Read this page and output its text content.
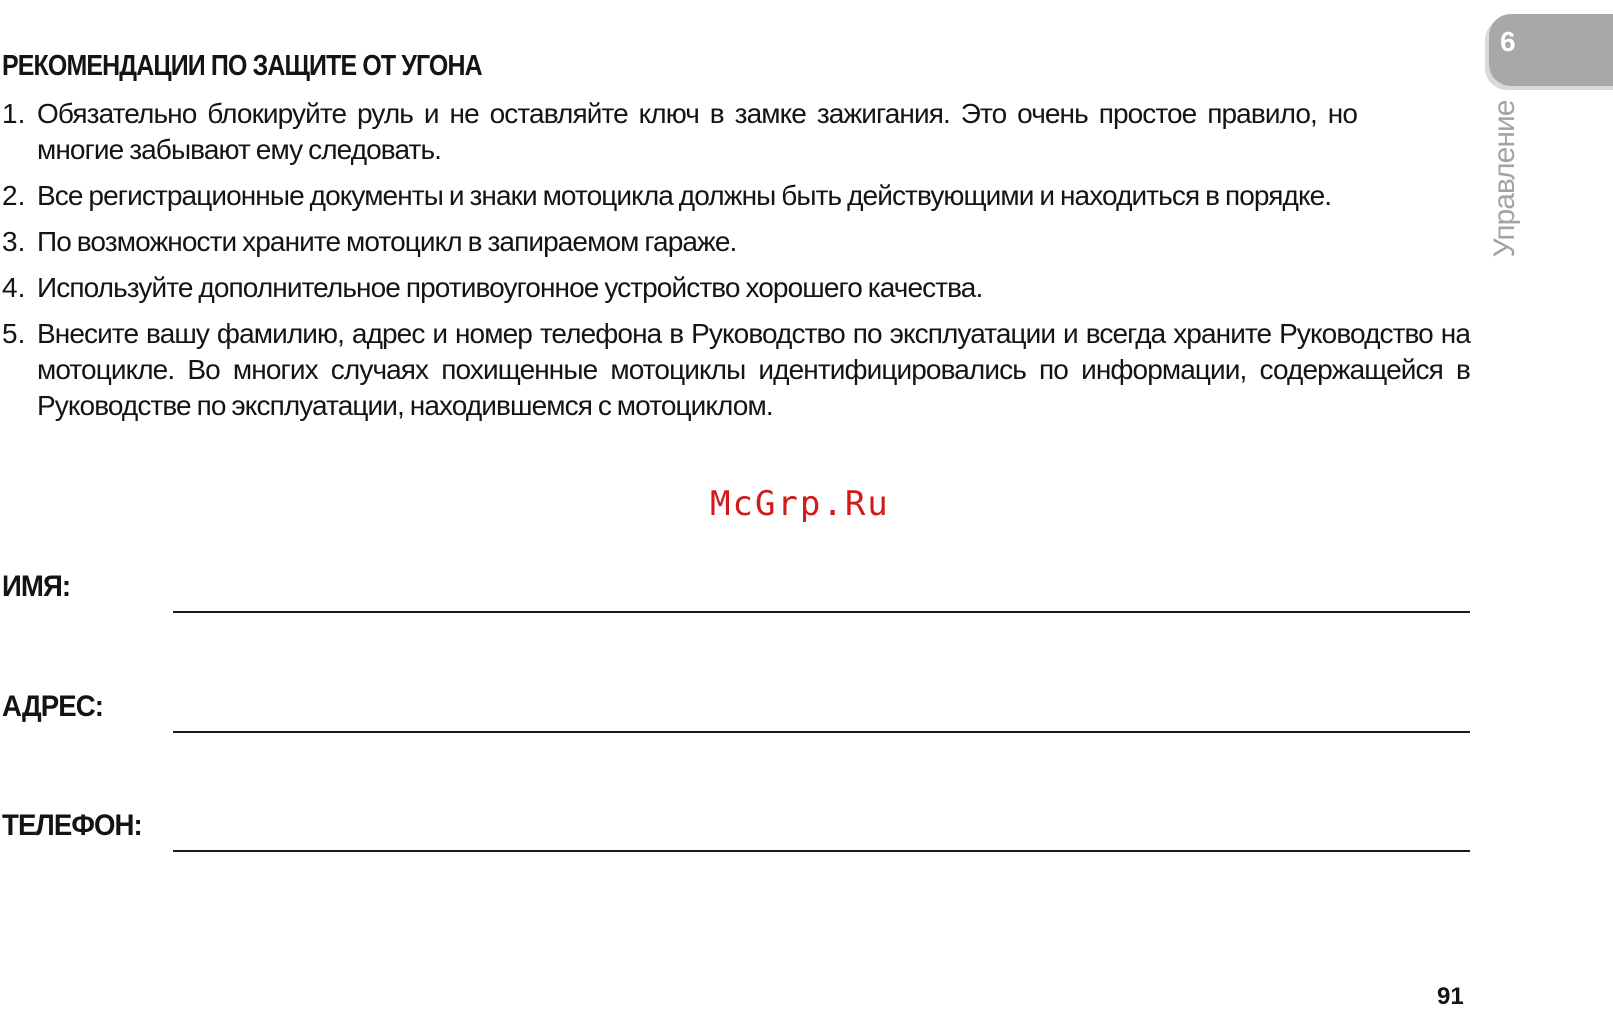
РЕКОМЕНДАЦИИ ПО ЗАЩИТЕ ОТ УГОНА
1. Обязательно блокируйте руль и не оставляйте ключ в замке зажигания. Это очень простое правило, но многие забывают ему следовать.
2. Все регистрационные документы и знаки мотоцикла должны быть действующими и находиться в порядке.
3. По возможности храните мотоцикл в запираемом гараже.
4. Используйте дополнительное противоугонное устройство хорошего качества.
5. Внесите вашу фамилию, адрес и номер телефона в Руководство по эксплуатации и всегда храните Руководство на мотоцикле. Во многих случаях похищенные мотоциклы идентифицировались по информации, содержащейся в Руководстве по эксплуатации, находившемся с мотоциклом.
McGrp.Ru
ИМЯ:
АДРЕС:
ТЕЛЕФОН:
6
Управление
91
